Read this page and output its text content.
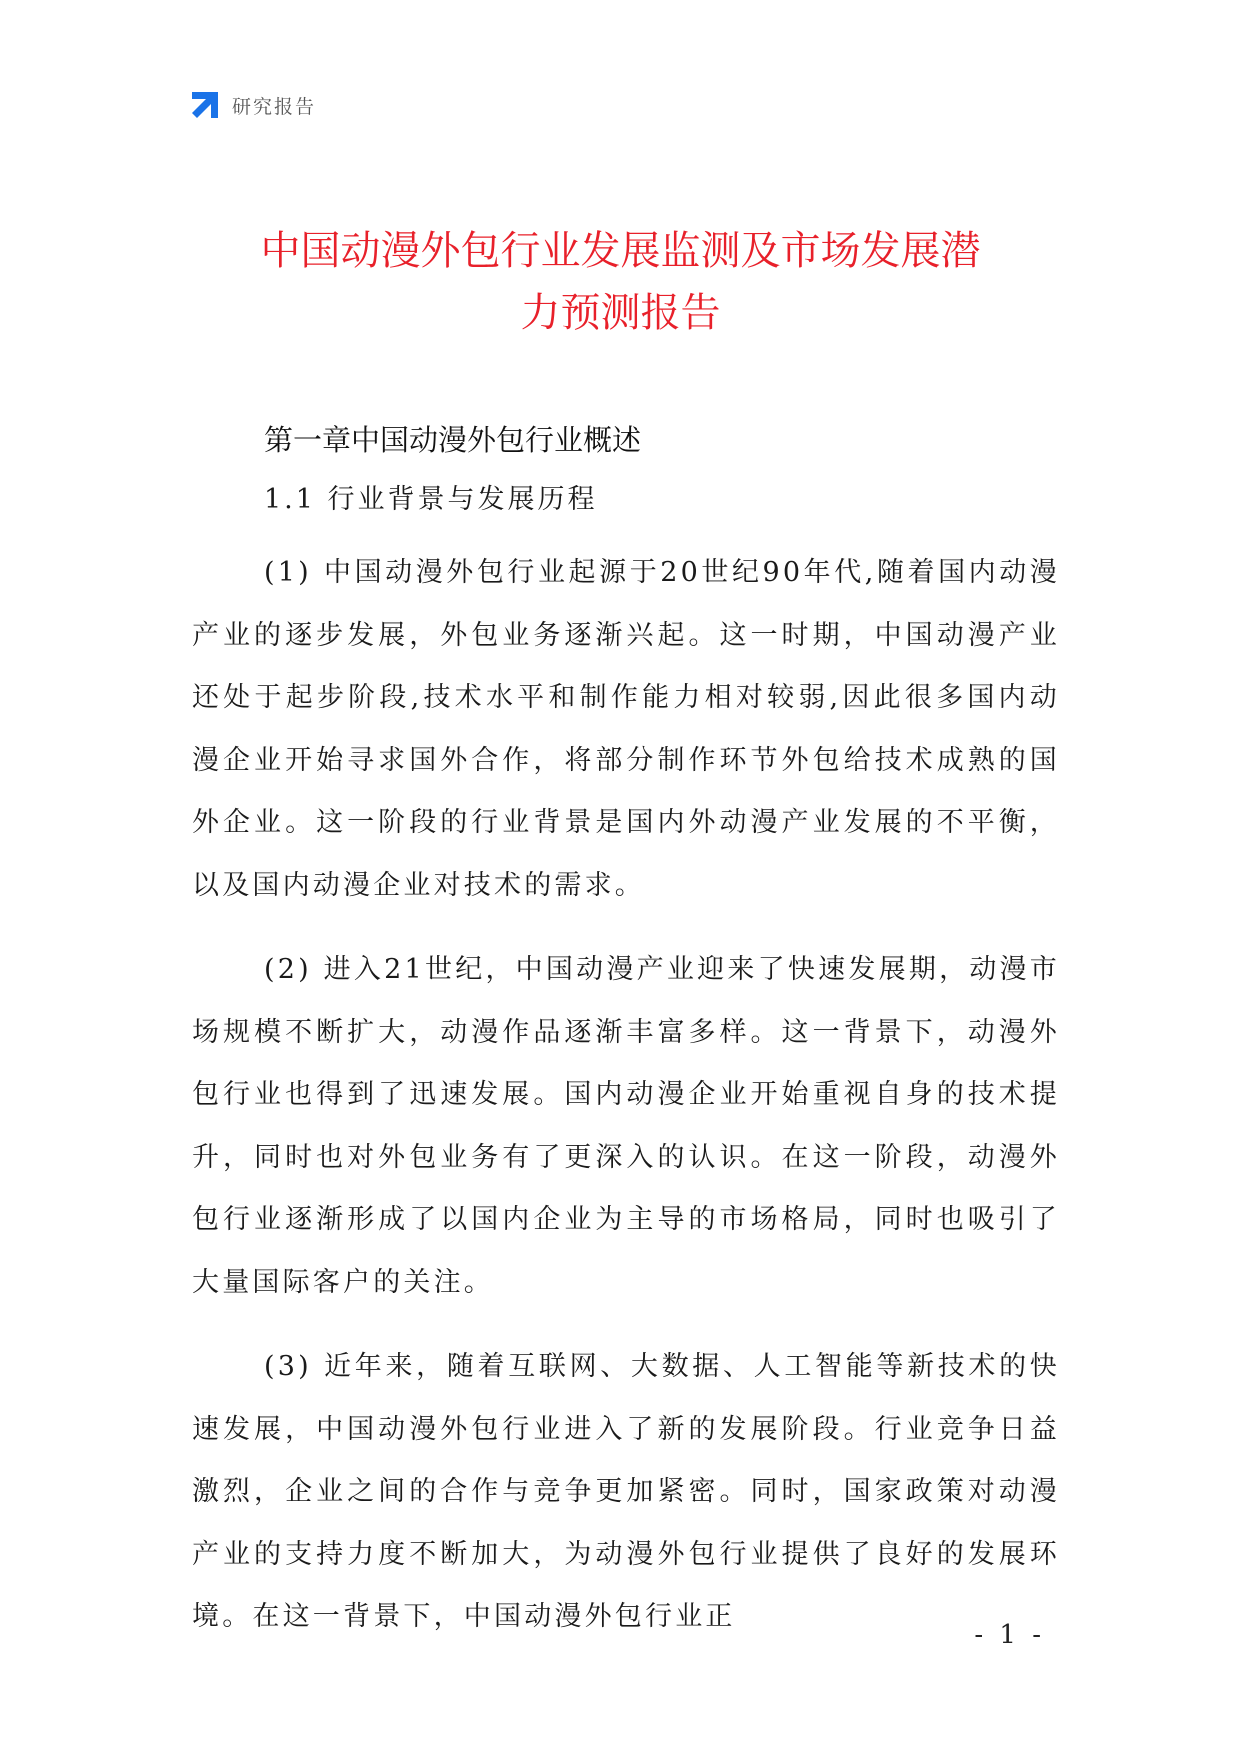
研究报告
中国动漫外包行业发展监测及市场发展潜
力预测报告
第一章中国动漫外包行业概述
1.1 行业背景与发展历程

(1) 中国动漫外包行业起源于20世纪90年代,随着国内动漫产业的逐步发展，外包业务逐渐兴起。这一时期，中国动漫产业还处于起步阶段,技术水平和制作能力相对较弱,因此很多国内动漫企业开始寻求国外合作，将部分制作环节外包给技术成熟的国外企业。这一阶段的行业背景是国内外动漫产业发展的不平衡，以及国内动漫企业对技术的需求。

(2) 进入21世纪，中国动漫产业迎来了快速发展期，动漫市场规模不断扩大，动漫作品逐渐丰富多样。这一背景下，动漫外包行业也得到了迅速发展。国内动漫企业开始重视自身的技术提升，同时也对外包业务有了更深入的认识。在这一阶段，动漫外包行业逐渐形成了以国内企业为主导的市场格局，同时也吸引了大量国际客户的关注。

(3) 近年来，随着互联网、大数据、人工智能等新技术的快速发展，中国动漫外包行业进入了新的发展阶段。行业竞争日益激烈，企业之间的合作与竞争更加紧密。同时，国家政策对动漫产业的支持力度不断加大，为动漫外包行业提供了良好的发展环境。在这一背景下，中国动漫外包行业正

- 1 -
